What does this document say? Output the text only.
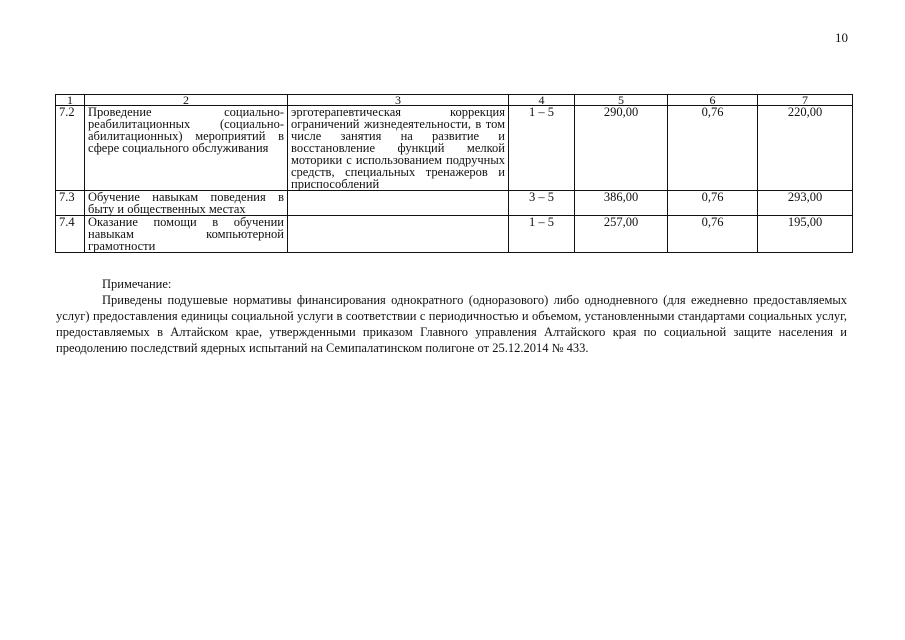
10
1	2	3	4	5	6	7
7.2	Проведение социально-реабилитационных (социально-абилитационных) мероприятий в сфере социального обслуживания	эрготерапевтическая коррекция ограничений жизнедеятельности, в том числе занятия на развитие и восстановление функций мелкой моторики с использованием подручных средств, специальных тренажеров и приспособлений	1 – 5	290,00	0,76	220,00
7.3	Обучение навыкам поведения в быту и общественных местах		3 – 5	386,00	0,76	293,00
7.4	Оказание помощи в обучении навыкам компьютерной грамотности		1 – 5	257,00	0,76	195,00
Примечание:
Приведены подушевые нормативы финансирования однократного (одноразового) либо однодневного (для ежедневно предоставляемых услуг) предоставления единицы социальной услуги в соответствии с периодичностью и объемом, установленными стандартами социальных услуг, предоставляемых в Алтайском крае, утвержденными приказом Главного управления Алтайского края по социальной защите населения и преодолению последствий ядерных испытаний на Семипалатинском полигоне от 25.12.2014 № 433.
